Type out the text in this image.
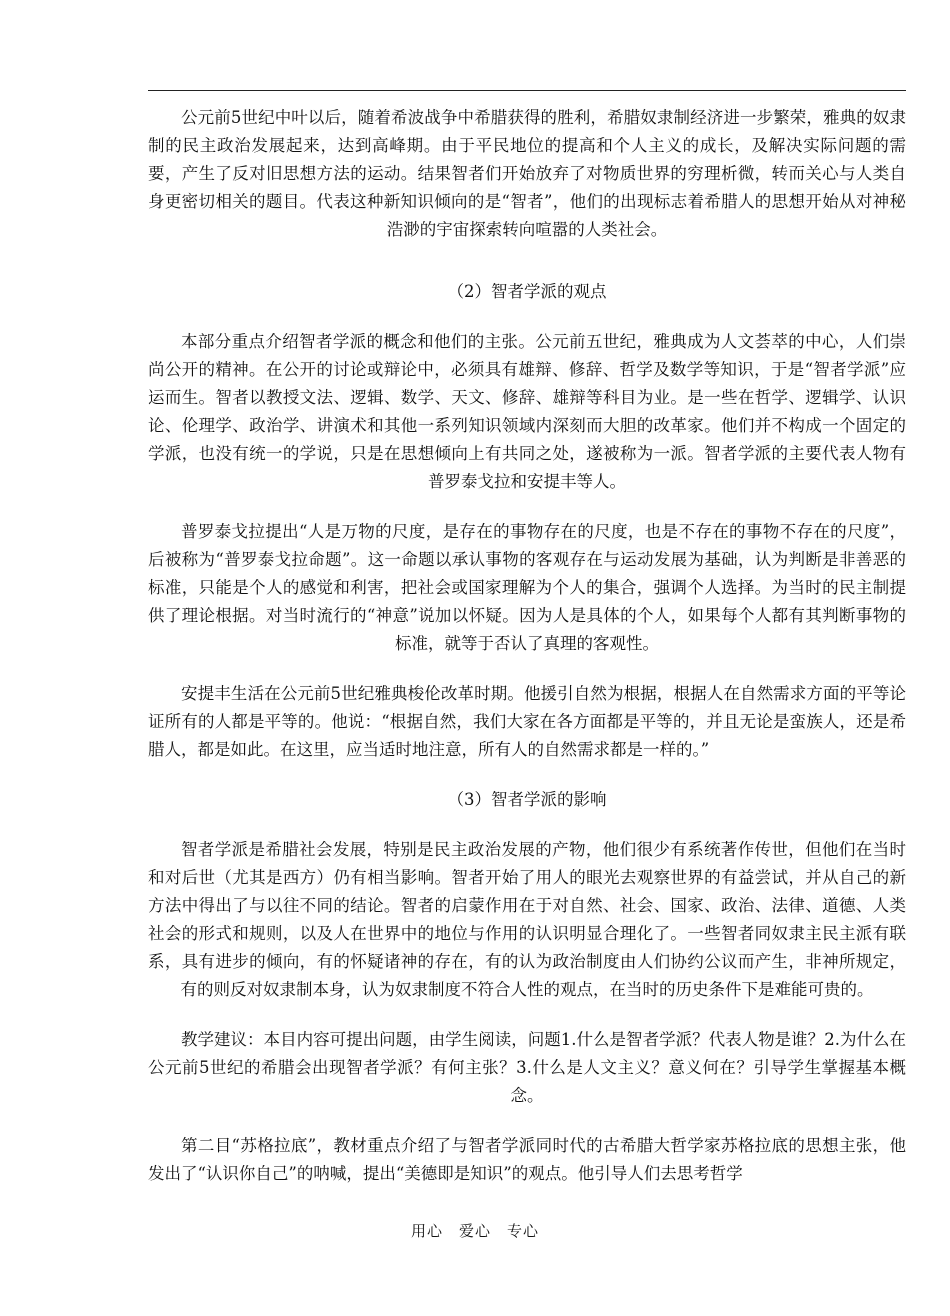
公元前5世纪中叶以后，随着希波战争中希腊获得的胜利，希腊奴隶制经济进一步繁荣，雅典的奴隶制的民主政治发展起来，达到高峰期。由于平民地位的提高和个人主义的成长，及解决实际问题的需要，产生了反对旧思想方法的运动。结果智者们开始放弃了对物质世界的穷理析微，转而关心与人类自身更密切相关的题目。代表这种新知识倾向的是“智者”，他们的出现标志着希腊人的思想开始从对神秘浩渺的宇宙探索转向喧嚣的人类社会。

（2）智者学派的观点

本部分重点介绍智者学派的概念和他们的主张。公元前五世纪，雅典成为人文荟萃的中心，人们崇尚公开的精神。在公开的讨论或辩论中，必须具有雄辩、修辞、哲学及数学等知识，于是“智者学派”应运而生。智者以教授文法、逻辑、数学、天文、修辞、雄辩等科目为业。是一些在哲学、逻辑学、认识论、伦理学、政治学、讲演术和其他一系列知识领域内深刻而大胆的改革家。他们并不构成一个固定的学派，也没有统一的学说，只是在思想倾向上有共同之处，遂被称为一派。智者学派的主要代表人物有普罗泰戈拉和安提丰等人。

普罗泰戈拉提出“人是万物的尺度，是存在的事物存在的尺度，也是不存在的事物不存在的尺度”，后被称为“普罗泰戈拉命题”。这一命题以承认事物的客观存在与运动发展为基础，认为判断是非善恶的标准，只能是个人的感觉和利害，把社会或国家理解为个人的集合，强调个人选择。为当时的民主制提供了理论根据。对当时流行的“神意”说加以怀疑。因为人是具体的个人，如果每个人都有其判断事物的标准，就等于否认了真理的客观性。

安提丰生活在公元前5世纪雅典梭伦改革时期。他援引自然为根据，根据人在自然需求方面的平等论证所有的人都是平等的。他说：“根据自然，我们大家在各方面都是平等的，并且无论是蛮族人，还是希腊人，都是如此。在这里，应当适时地注意，所有人的自然需求都是一样的。”

（3）智者学派的影响

智者学派是希腊社会发展，特别是民主政治发展的产物，他们很少有系统著作传世，但他们在当时和对后世（尤其是西方）仍有相当影响。智者开始了用人的眼光去观察世界的有益尝试，并从自己的新方法中得出了与以往不同的结论。智者的启蒙作用在于对自然、社会、国家、政治、法律、道德、人类社会的形式和规则，以及人在世界中的地位与作用的认识明显合理化了。一些智者同奴隶主民主派有联系，具有进步的倾向，有的怀疑诸神的存在，有的认为政治制度由人们协约公议而产生，非神所规定，有的则反对奴隶制本身，认为奴隶制度不符合人性的观点，在当时的历史条件下是难能可贵的。

教学建议：本目内容可提出问题，由学生阅读，问题1.什么是智者学派？代表人物是谁？2.为什么在公元前5世纪的希腊会出现智者学派？有何主张？3.什么是人文主义？意义何在？引导学生掌握基本概念。

第二目“苏格拉底”，教材重点介绍了与智者学派同时代的古希腊大哲学家苏格拉底的思想主张，他发出了“认识你自己”的呐喊，提出“美德即是知识”的观点。他引导人们去思考哲学

用心　爱心　专心
